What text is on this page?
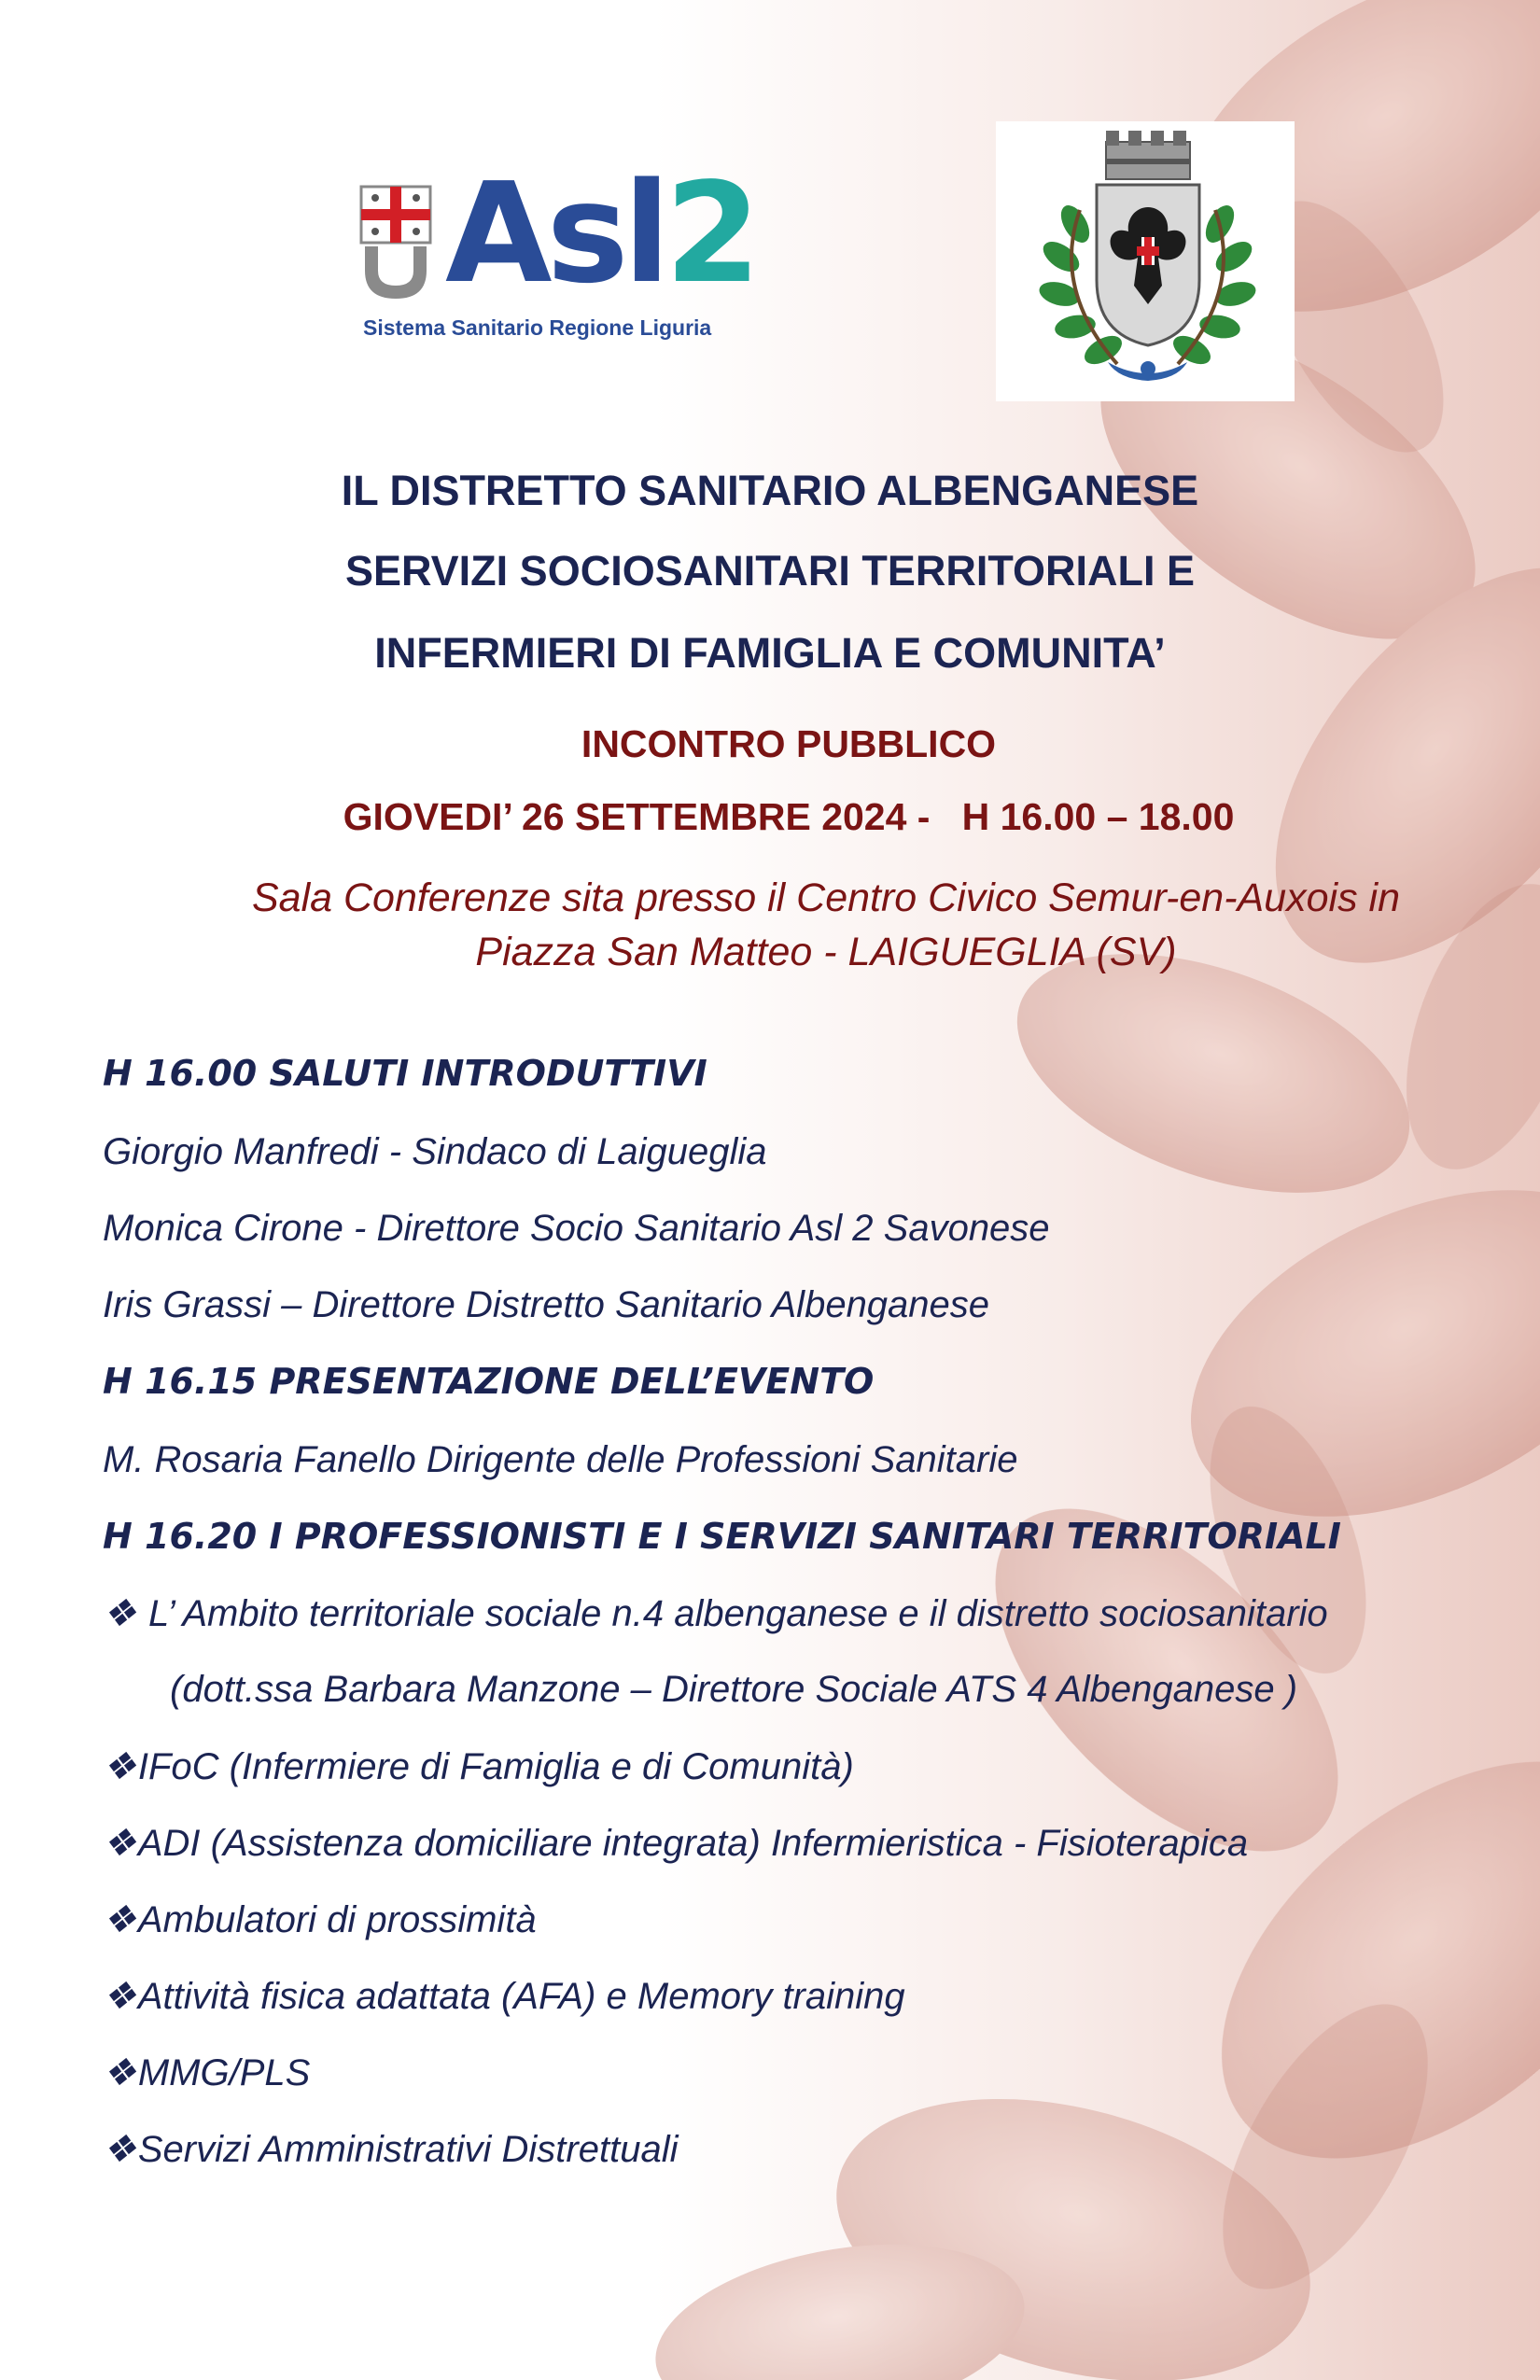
Asl2
Sistema Sanitario Regione Liguria
IL DISTRETTO SANITARIO ALBENGANESE
SERVIZI SOCIOSANITARI TERRITORIALI E
INFERMIERI DI FAMIGLIA E COMUNITA’
INCONTRO PUBBLICO
GIOVEDI’ 26 SETTEMBRE 2024 -   H 16.00 – 18.00
Sala Conferenze sita presso il Centro Civico Semur-en-Auxois in
Piazza San Matteo - LAIGUEGLIA (SV)
H 16.00 SALUTI INTRODUTTIVI
Giorgio Manfredi - Sindaco di Laigueglia
Monica Cirone - Direttore Socio Sanitario Asl 2 Savonese
Iris Grassi – Direttore Distretto Sanitario Albenganese
H 16.15 PRESENTAZIONE DELL’EVENTO
M. Rosaria Fanello Dirigente delle Professioni Sanitarie
H 16.20 I PROFESSIONISTI E I SERVIZI SANITARI TERRITORIALI
❖ L’ Ambito territoriale sociale n.4 albenganese e il distretto sociosanitario
(dott.ssa Barbara Manzone – Direttore Sociale ATS 4 Albenganese )
❖IFoC (Infermiere di Famiglia e di Comunità)
❖ADI (Assistenza domiciliare integrata) Infermieristica - Fisioterapica
❖Ambulatori di prossimità
❖Attività fisica adattata (AFA) e Memory training
❖MMG/PLS
❖Servizi Amministrativi Distrettuali
